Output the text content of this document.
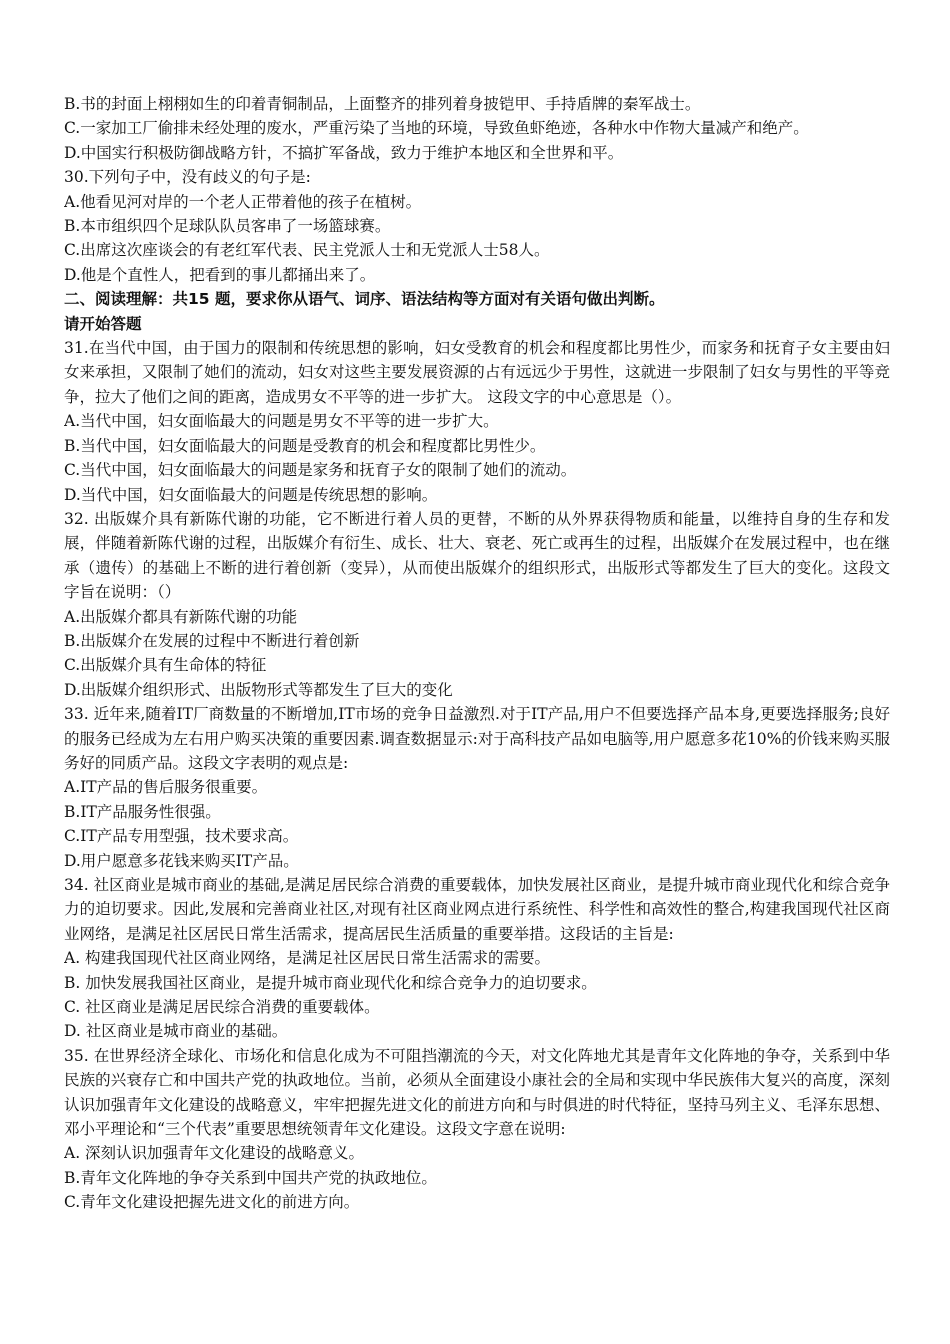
B.书的封面上栩栩如生的印着青铜制品，上面整齐的排列着身披铠甲、手持盾牌的秦军战士。
C.一家加工厂偷排未经处理的废水，严重污染了当地的环境，导致鱼虾绝迹，各种水中作物大量减产和绝产。
D.中国实行积极防御战略方针，不搞扩军备战，致力于维护本地区和全世界和平。
30.下列句子中，没有歧义的句子是:
A.他看见河对岸的一个老人正带着他的孩子在植树。
B.本市组织四个足球队队员客串了一场篮球赛。
C.出席这次座谈会的有老红军代表、民主党派人士和无党派人士58人。
D.他是个直性人，把看到的事儿都捅出来了。
二、阅读理解：共15 题，要求你从语气、词序、语法结构等方面对有关语句做出判断。
请开始答题
31.在当代中国，由于国力的限制和传统思想的影响，妇女受教育的机会和程度都比男性少，而家务和抚育子女主要由妇女来承担，又限制了她们的流动，妇女对这些主要发展资源的占有远远少于男性，这就进一步限制了妇女与男性的平等竞争，拉大了他们之间的距离，造成男女不平等的进一步扩大。 这段文字的中心意思是（）。
A.当代中国，妇女面临最大的问题是男女不平等的进一步扩大。
B.当代中国，妇女面临最大的问题是受教育的机会和程度都比男性少。
C.当代中国，妇女面临最大的问题是家务和抚育子女的限制了她们的流动。
D.当代中国，妇女面临最大的问题是传统思想的影响。
32. 出版媒介具有新陈代谢的功能，它不断进行着人员的更替，不断的从外界获得物质和能量，以维持自身的生存和发展，伴随着新陈代谢的过程，出版媒介有衍生、成长、壮大、衰老、死亡或再生的过程，出版媒介在发展过程中，也在继承（遗传）的基础上不断的进行着创新（变异），从而使出版媒介的组织形式，出版形式等都发生了巨大的变化。这段文字旨在说明：（）
A.出版媒介都具有新陈代谢的功能
B.出版媒介在发展的过程中不断进行着创新
C.出版媒介具有生命体的特征
D.出版媒介组织形式、出版物形式等都发生了巨大的变化
33. 近年来,随着IT厂商数量的不断增加,IT市场的竞争日益激烈.对于IT产品,用户不但要选择产品本身,更要选择服务;良好的服务已经成为左右用户购买决策的重要因素.调查数据显示:对于高科技产品如电脑等,用户愿意多花10%的价钱来购买服务好的同质产品。这段文字表明的观点是:
A.IT产品的售后服务很重要。
B.IT产品服务性很强。
C.IT产品专用型强，技术要求高。
D.用户愿意多花钱来购买IT产品。
34. 社区商业是城市商业的基础,是满足居民综合消费的重要载体，加快发展社区商业，是提升城市商业现代化和综合竞争力的迫切要求。因此,发展和完善商业社区,对现有社区商业网点进行系统性、科学性和高效性的整合,构建我国现代社区商业网络，是满足社区居民日常生活需求，提高居民生活质量的重要举措。这段话的主旨是:
A. 构建我国现代社区商业网络，是满足社区居民日常生活需求的需要。
B. 加快发展我国社区商业，是提升城市商业现代化和综合竞争力的迫切要求。
C. 社区商业是满足居民综合消费的重要载体。
D. 社区商业是城市商业的基础。
35. 在世界经济全球化、市场化和信息化成为不可阻挡潮流的今天，对文化阵地尤其是青年文化阵地的争夺，关系到中华民族的兴衰存亡和中国共产党的执政地位。当前，必须从全面建设小康社会的全局和实现中华民族伟大复兴的高度，深刻认识加强青年文化建设的战略意义，牢牢把握先进文化的前进方向和与时俱进的时代特征，坚持马列主义、毛泽东思想、邓小平理论和“三个代表”重要思想统领青年文化建设。这段文字意在说明:
A. 深刻认识加强青年文化建设的战略意义。
B.青年文化阵地的争夺关系到中国共产党的执政地位。
C.青年文化建设把握先进文化的前进方向。
